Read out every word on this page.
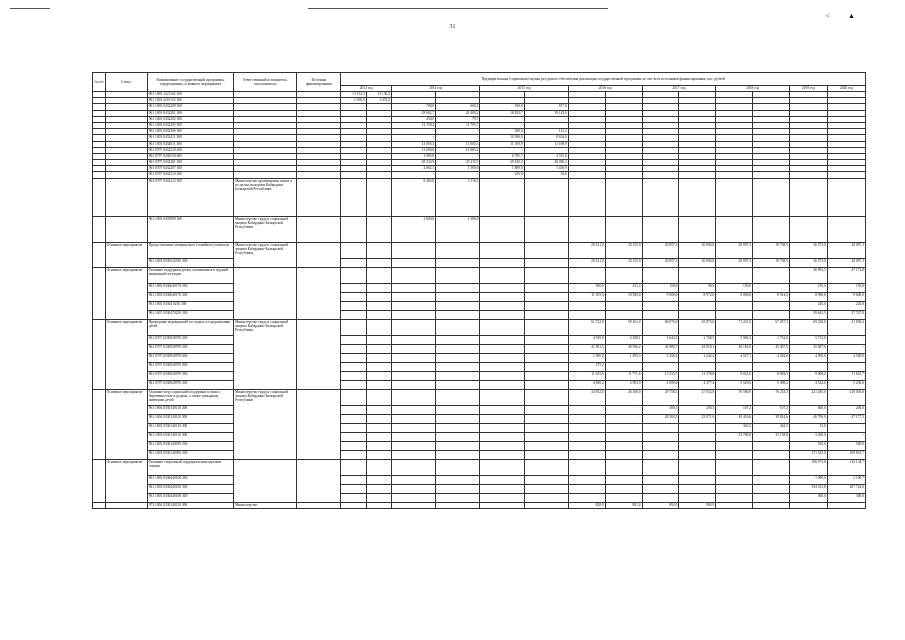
<	▲
31
№ п/п	Статус	Наименование государственной программы, подпрограммы, основного мероприятия	Ответственный исполнитель, соисполнитель	Источник финансирования	Предварительная (справочная) оценка ресурсного обеспечения реализации государственной программы за счет всех источников финансирования, тыс. рублей													
					2013 год		2014 год		2015 год		2016 год		2017 год		2018 год		2019 год	2020 год
		961 1003 3221162 300			13 132,3	13 130,2												
		961 1003 3210152 300			1 500,0	1 472,5												
		961 1003 0432209 300					700,0	660,3	930,0	817,0								
		961 1003 0432201 300					28 602,7	24 400,2	18 833,7	18 123,0								
		961 1003 0432202 300					230,0	79,7	-	-								
		961 1003 0432205 300					12 159,4	11 705,7	-	-								
		961 1003 0432206 300					-	-	300,0	112,2								
		961 1003 0432411 300					-	-	10 500,0	8 634,0								
		961 1003 0434011 300					13 005,3	13 005,3	11 169,9	11 169,9								
		961 0707 0432210 200					13 000,0	14 985,2	-	-								
		961 0707 0430518 600					1 985,8	-	6 785,7	4 315,6								
		961 0707 0432201 300					28 334,9	25 215,5	29 430,3	40 056,3								
		961 0707 0432207 300					2 002,1	1 580,6	1 889,0	1 436,9								
		961 0707 0432210 300					-	-	239,8	32,6								
		963 0707 0432212 300	Министерство просвещения, науки и по делам молодежи Кабардино-Балкарской Республики				8 483,0	2 116,5										
		961 1003 0435999 300	Министерство труда и социальной защиты Кабардино-Балкарской Республики				2 000,0	1 580,0										
	Основное мероприятие	Предоставление материнского (семейного) капитала	Министерство труда и социальной защиты Кабардино-Балкарской Республики								20 521,0	20 155,9	20 097,3	20 094,8	20 097,3	19 738,5	36 573,0	20 097,3
		961 1003 0330522030 300									20 521,0	20 155,9	20 097,3	20 094,8	20 097,3	19 738,5	36 573,0	20 097,3
	Основное мероприятие	Оказание поддержки детям, оказавшимся в трудной жизненной ситуации															46 892,5	47 172,8
		961 1003 0330640170 300									300,0	231,3	150,0	96,9	150,0		150,0	150,0
		961 1003 0330640170 300									11 105,0	10 580,0	9 000,0	8 972,0	9 000,0	8 914,0	8 990,0	9 600,0
		961 1003 03304 0230 300															230,0	225,0
		961 1007 0330470230 300															39 642,5	37 747,8
	Основное мероприятие	Проведение мероприятий по отдыху и оздоровлению детей	Министерство труда и социальной защиты Кабардино-Балкарской Республики								61 722,0	58 161,0	69 076,0	65 873,0	71 241,0	67 057,3	69 230,0	21 836,3
		961 0707 0330920970 200									4 350,0	4 308,1	3 644,5	2 768,5	5 986,3	1 732,0	5 713,0	-
		961 0707 0330920970 300									41 581,5	40 586,2	44 980,7	43 918,1	40 182,0	45 407,5	45 487,6	-
		961 0707 0330920970 600									1 500,0	1 295,3	3 430,2	3 242,2	4 527,1	4 362,6	4 500,0	4 500,0
		961 0707 0330920970 800									275,2							
		961 0707 0330920970 300									11 815,6	11 771,6	13 533,7	11 378,8	9 021,0	8 992,3	9 008,2	11 831,7
		961 0707 0330920970 300									4 690,2	4 583,9	4 690,0	4 377,4	5 529,6	5 498,2	4 524,6	5 236,6
	Основное мероприятие	Оказание мер социальной поддержки в связи с беременностью и родами, а также гражданам, имеющим детей	Министерство труда и социальной защиты Кабардино-Балкарской Республики								34 952,6	26 160,0	29 758,3	27 052,8	76 580,9	76 233,3	221 285,0	218 003,6
		961 1004 0330140110 200									-	-	308,5	200,5	107,2	107,2	600,0	200,0
		961 1004 0330140110 300									-	-	28 384,5	23 971,6	40 416,6	39 834,6	46 796,0	47 177,3
		961 1003 0330140110 300													362,5	362,5	33,0	-
		961 1003 0330140110 300													33 780,9	35 158,8	3 260,0	-
		961 1003 0330140050 200															550,0	500,0
		961 1003 0330140050 300															171 543,0	169 833,7
	Основное мероприятие	Оказание социальной поддержки многодетным семьям															196 573,8	210 134,7
		961 1003 0330440100 200															1 900,0	2 100,7
		961 1003 0330440100 300															194 313,8	207 724,0
		961 1003 0330440100 300															360,0	300,0
		973 1004 0330140110 300	Министерство								828,9	801,4	894,9	904,9				
